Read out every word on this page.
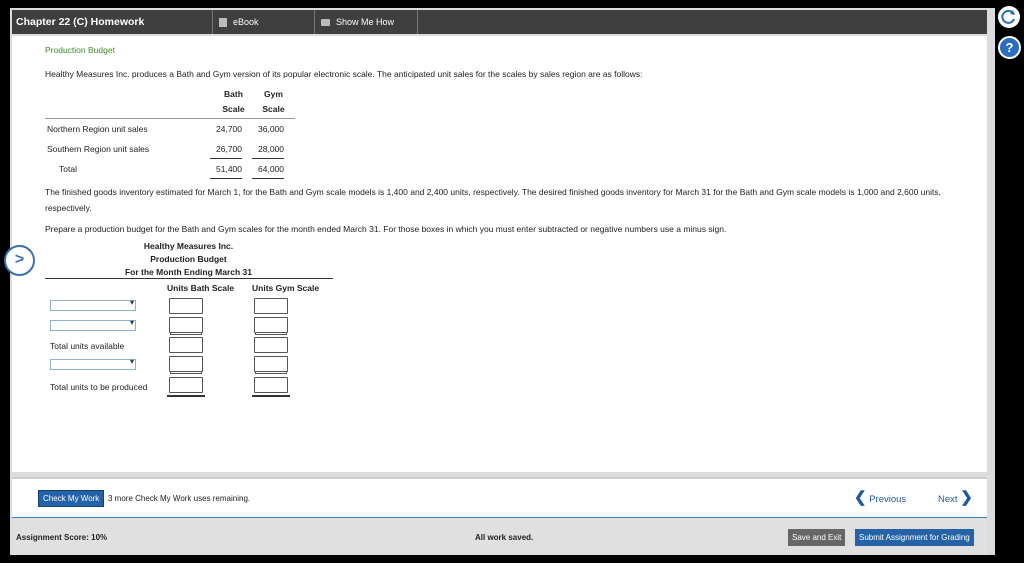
Chapter 22 (C) Homework	eBook	Show Me How
Production Budget
Healthy Measures Inc. produces a Bath and Gym version of its popular electronic scale. The anticipated unit sales for the scales by sales region are as follows:
Bath
Scale
Gym
Scale
Northern Region unit sales	24,700	36,000
Southern Region unit sales	26,700	28,000
Total	51,400	64,000
The finished goods inventory estimated for March 1, for the Bath and Gym scale models is 1,400 and 2,400 units, respectively. The desired finished goods inventory for March 31 for the Bath and Gym scale models is 1,000 and 2,600 units, respectively.
Prepare a production budget for the Bath and Gym scales for the month ended March 31. For those boxes in which you must enter subtracted or negative numbers use a minus sign.
Healthy Measures Inc.
Production Budget
For the Month Ending March 31
Units Bath Scale Units Gym Scale
▾
▾
Total units available
▾
Total units to be produced
>
Check My Work	3 more Check My Work uses remaining.	❮ Previous	Next ❯
Assignment Score: 10%	All work saved.	Save and Exit	Submit Assignment for Grading
?
